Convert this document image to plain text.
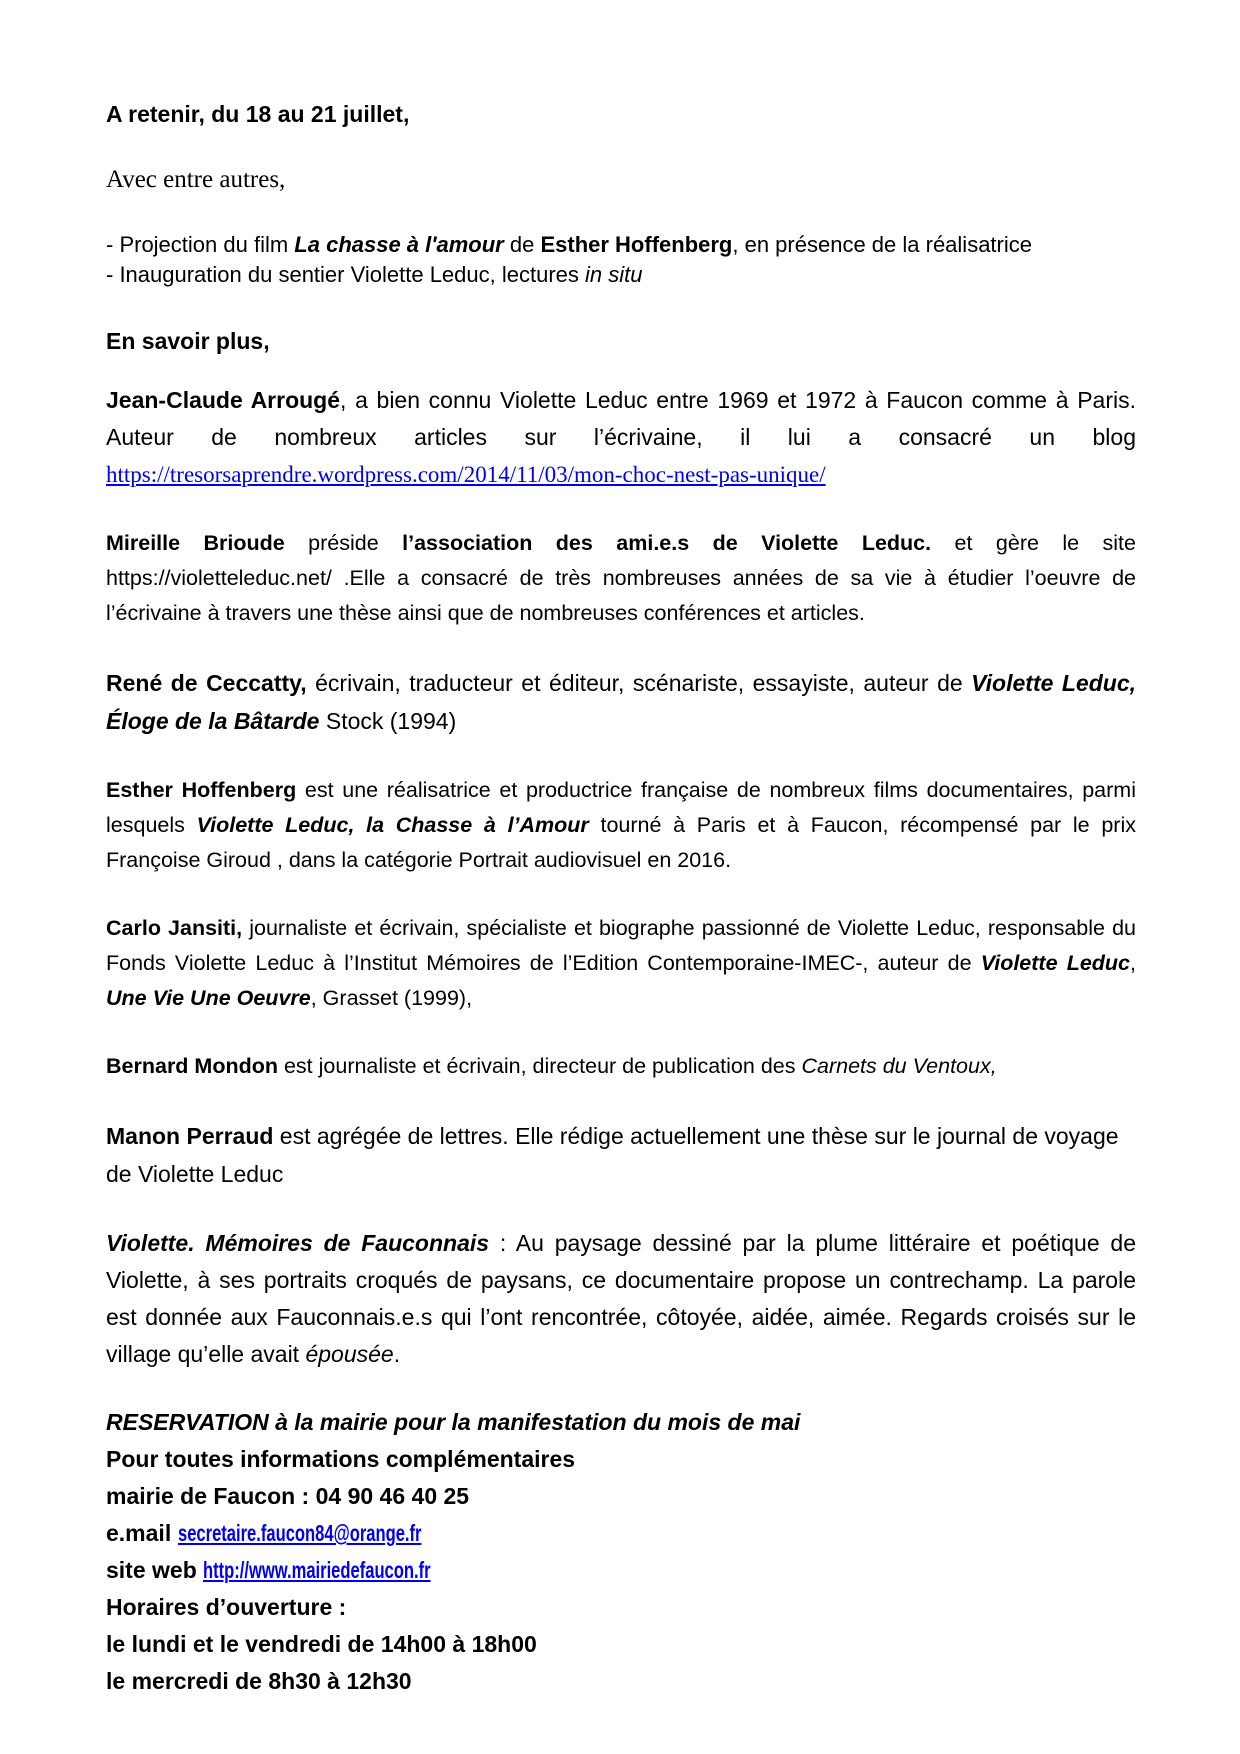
A retenir, du 18 au 21 juillet,

Avec entre autres,

- Projection du film La chasse à l'amour de Esther Hoffenberg, en présence de la réalisatrice

- Inauguration du sentier Violette Leduc, lectures in situ

En savoir plus,

Jean-Claude Arrougé, a bien connu Violette Leduc entre 1969 et 1972 à Faucon comme à Paris. Auteur de nombreux articles sur l’écrivaine, il lui a consacré un blog https://tresorsaprendre.wordpress.com/2014/11/03/mon-choc-nest-pas-unique/

Mireille Brioude préside l’association des ami.e.s de Violette Leduc. et gère le site https://violetteleduc.net/ .Elle a consacré de très nombreuses années de sa vie à étudier l’oeuvre de l’écrivaine à travers une thèse ainsi que de nombreuses conférences et articles.

René de Ceccatty, écrivain, traducteur et éditeur, scénariste, essayiste, auteur de Violette Leduc, Éloge de la Bâtarde Stock (1994)

Esther Hoffenberg est une réalisatrice et productrice française de nombreux films documentaires, parmi lesquels Violette Leduc, la Chasse à l’Amour tourné à Paris et à Faucon, récompensé par le prix Françoise Giroud , dans la catégorie Portrait audiovisuel en 2016.

Carlo Jansiti, journaliste et écrivain, spécialiste et biographe passionné de Violette Leduc, responsable du Fonds Violette Leduc à l’Institut Mémoires de l’Edition Contemporaine-IMEC-, auteur de Violette Leduc, Une Vie Une Oeuvre, Grasset (1999),

Bernard Mondon est journaliste et écrivain, directeur de publication des Carnets du Ventoux,

Manon Perraud est agrégée de lettres. Elle rédige actuellement une thèse sur le journal de voyage de Violette Leduc

Violette. Mémoires de Fauconnais : Au paysage dessiné par la plume littéraire et poétique de Violette, à ses portraits croqués de paysans, ce documentaire propose un contrechamp. La parole est donnée aux Fauconnais.e.s qui l’ont rencontrée, côtoyée, aidée, aimée. Regards croisés sur le village qu’elle avait épousée.

RESERVATION à la mairie pour la manifestation du mois de mai

Pour toutes informations complémentaires

mairie de Faucon : 04 90 46 40 25

e.mail secretaire.faucon84@orange.fr

site web http://www.mairiedefaucon.fr

Horaires d’ouverture :

le lundi et le vendredi de 14h00 à 18h00

le mercredi de 8h30 à 12h30
